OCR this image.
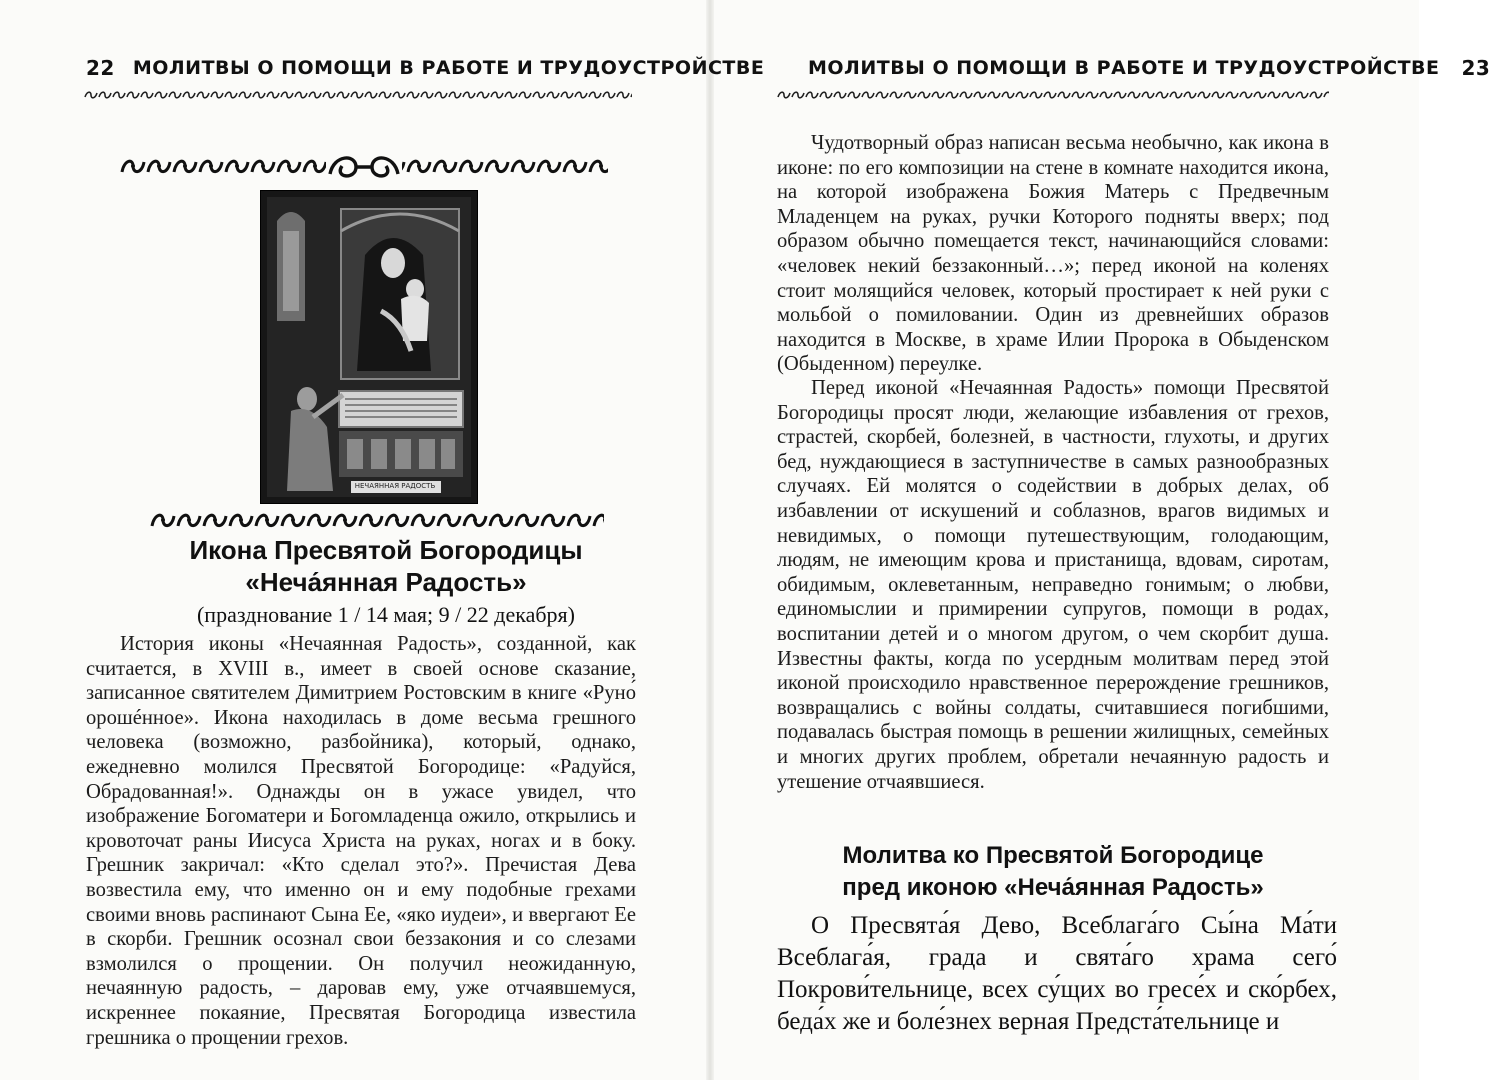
22 МОЛИТВЫ О ПОМОЩИ В РАБОТЕ И ТРУДОУСТРОЙСТВЕ
НЕЧАЯННАЯ РАДОСТЬ
Икона Пресвятой Богородицы
«Неча́янная Радость»
(празднование 1 / 14 мая; 9 / 22 декабря)

История иконы «Нечаянная Радость», созданной, как считается, в XVIII в., имеет в своей основе сказание, записанное святителем Димитрием Ростовским в книге «Руно́ орошéнное». Икона находилась в доме весьма грешного человека (возможно, разбойника), который, однако, ежедневно молился Пресвятой Богородице: «Радуйся, Обрадованная!». Однажды он в ужасе увидел, что изображение Богоматери и Богомладенца ожило, открылись и кровоточат раны Иисуса Христа на руках, ногах и в боку. Грешник закричал: «Кто сделал это?». Пречистая Дева возвестила ему, что именно он и ему подобные грехами своими вновь распинают Сына Ее, «яко иудеи», и ввергают Ее в скорби. Грешник осознал свои беззакония и со слезами взмолился о прощении. Он получил неожиданную, нечаянную радость, – даровав ему, уже отчаявшемуся, искреннее покаяние, Пресвятая Богородица известила грешника о прощении грехов.

МОЛИТВЫ О ПОМОЩИ В РАБОТЕ И ТРУДОУСТРОЙСТВЕ 23

Чудотворный образ написан весьма необычно, как икона в иконе: по его композиции на стене в комнате находится икона, на которой изображена Божия Матерь с Предвечным Младенцем на руках, ручки Которого подняты вверх; под образом обычно помещается текст, начинающийся словами: «человек некий беззаконный…»; перед иконой на коленях стоит молящийся человек, который простирает к ней руки с мольбой о помиловании. Один из древнейших образов находится в Москве, в храме Илии Пророка в Обыденском (Обыденном) переулке.

Перед иконой «Нечаянная Радость» помощи Пресвятой Богородицы просят люди, желающие избавления от грехов, страстей, скорбей, болезней, в частности, глухоты, и других бед, нуждающиеся в заступничестве в самых разнообразных случаях. Ей молятся о содействии в добрых делах, об избавлении от искушений и соблазнов, врагов видимых и невидимых, о помощи путешествующим, голодающим, людям, не имеющим крова и пристанища, вдовам, сиротам, обидимым, оклеветанным, неправедно гонимым; о любви, единомыслии и примирении супругов, помощи в родах, воспитании детей и о многом другом, о чем скорбит душа. Известны факты, когда по усердным молитвам перед этой иконой происходило нравственное перерождение грешников, возвращались с войны солдаты, считавшиеся погибшими, подавалась быстрая помощь в решении жилищных, семейных и многих других проблем, обретали нечаянную радость и утешение отчаявшиеся.

Молитва ко Пресвятой Богородице
пред иконою «Неча́янная Радость»

О Пресвята́я Дево, Всеблага́го Сы́на Ма́ти Всеблага́я, града и свята́го храма сего́ Покрови́тельнице, всех су́щих во гресе́х и ско́рбех, беда́х же и боле́знех верная Предста́тельнице и
